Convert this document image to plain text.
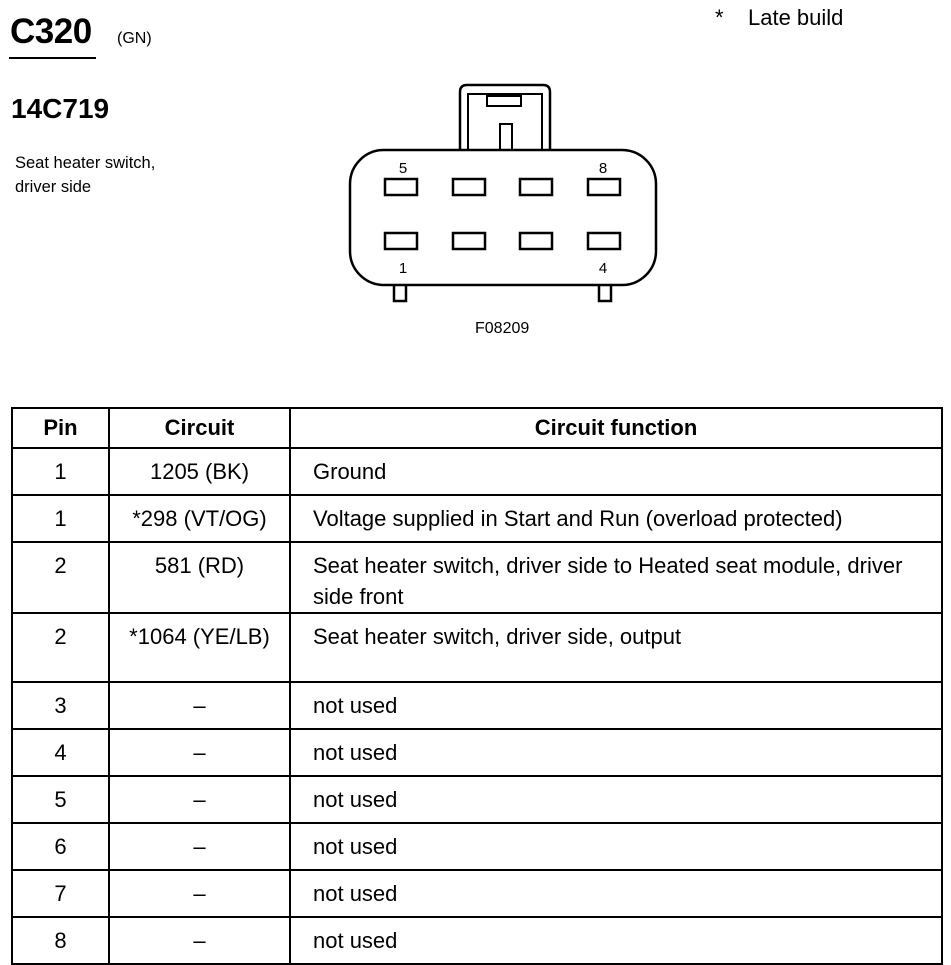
C320 (GN)
* Late build
14C719
Seat heater switch,
driver side
5	8
1	4
F08209
Pin	Circuit	Circuit function
1	1205 (BK)	Ground
1	*298 (VT/OG)	Voltage supplied in Start and Run (overload protected)
2	581 (RD)	Seat heater switch, driver side to Heated seat module, driver side front
2	*1064 (YE/LB)	Seat heater switch, driver side, output
3	–	not used
4	–	not used
5	–	not used
6	–	not used
7	–	not used
8	–	not used
